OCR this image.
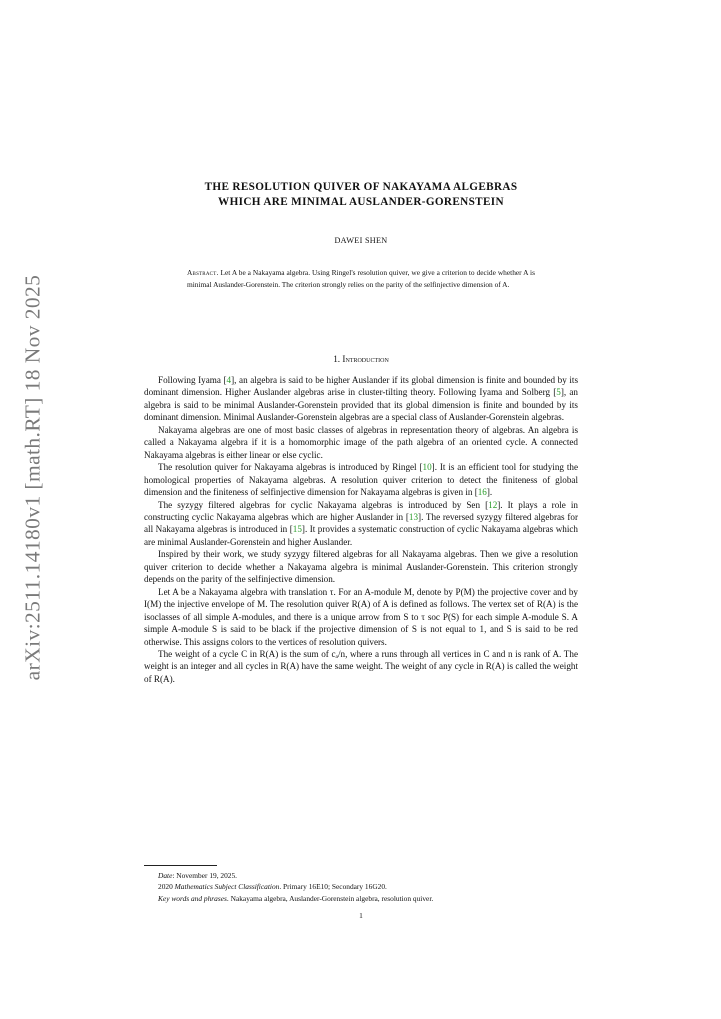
arXiv:2511.14180v1 [math.RT] 18 Nov 2025
THE RESOLUTION QUIVER OF NAKAYAMA ALGEBRAS
WHICH ARE MINIMAL AUSLANDER-GORENSTEIN
DAWEI SHEN
Abstract. Let A be a Nakayama algebra. Using Ringel's resolution quiver, we give a criterion to decide whether A is minimal Auslander-Gorenstein. The criterion strongly relies on the parity of the selfinjective dimension of A.
1. Introduction

Following Iyama [4], an algebra is said to be higher Auslander if its global dimension is finite and bounded by its dominant dimension. Higher Auslander algebras arise in cluster-tilting theory. Following Iyama and Solberg [5], an algebra is said to be minimal Auslander-Gorenstein provided that its global dimension is finite and bounded by its dominant dimension. Minimal Auslander-Gorenstein algebras are a special class of Auslander-Gorenstein algebras.

Nakayama algebras are one of most basic classes of algebras in representation theory of algebras. An algebra is called a Nakayama algebra if it is a homomorphic image of the path algebra of an oriented cycle. A connected Nakayama algebras is either linear or else cyclic.

The resolution quiver for Nakayama algebras is introduced by Ringel [10]. It is an efficient tool for studying the homological properties of Nakayama algebras. A resolution quiver criterion to detect the finiteness of global dimension and the finiteness of selfinjective dimension for Nakayama algebras is given in [16].

The syzygy filtered algebras for cyclic Nakayama algebras is introduced by Sen [12]. It plays a role in constructing cyclic Nakayama algebras which are higher Auslander in [13]. The reversed syzygy filtered algebras for all Nakayama algebras is introduced in [15]. It provides a systematic construction of cyclic Nakayama algebras which are minimal Auslander-Gorenstein and higher Auslander.

Inspired by their work, we study syzygy filtered algebras for all Nakayama algebras. Then we give a resolution quiver criterion to decide whether a Nakayama algebra is minimal Auslander-Gorenstein. This criterion strongly depends on the parity of the selfinjective dimension.

Let A be a Nakayama algebra with translation τ. For an A-module M, denote by P(M) the projective cover and by I(M) the injective envelope of M. The resolution quiver R(A) of A is defined as follows. The vertex set of R(A) is the isoclasses of all simple A-modules, and there is a unique arrow from S to τ soc P(S) for each simple A-module S. A simple A-module S is said to be black if the projective dimension of S is not equal to 1, and S is said to be red otherwise. This assigns colors to the vertices of resolution quivers.

The weight of a cycle C in R(A) is the sum of cₐ/n, where a runs through all vertices in C and n is rank of A. The weight is an integer and all cycles in R(A) have the same weight. The weight of any cycle in R(A) is called the weight of R(A).

Date: November 19, 2025.
2020 Mathematics Subject Classification. Primary 16E10; Secondary 16G20.
Key words and phrases. Nakayama algebra, Auslander-Gorenstein algebra, resolution quiver.
1
